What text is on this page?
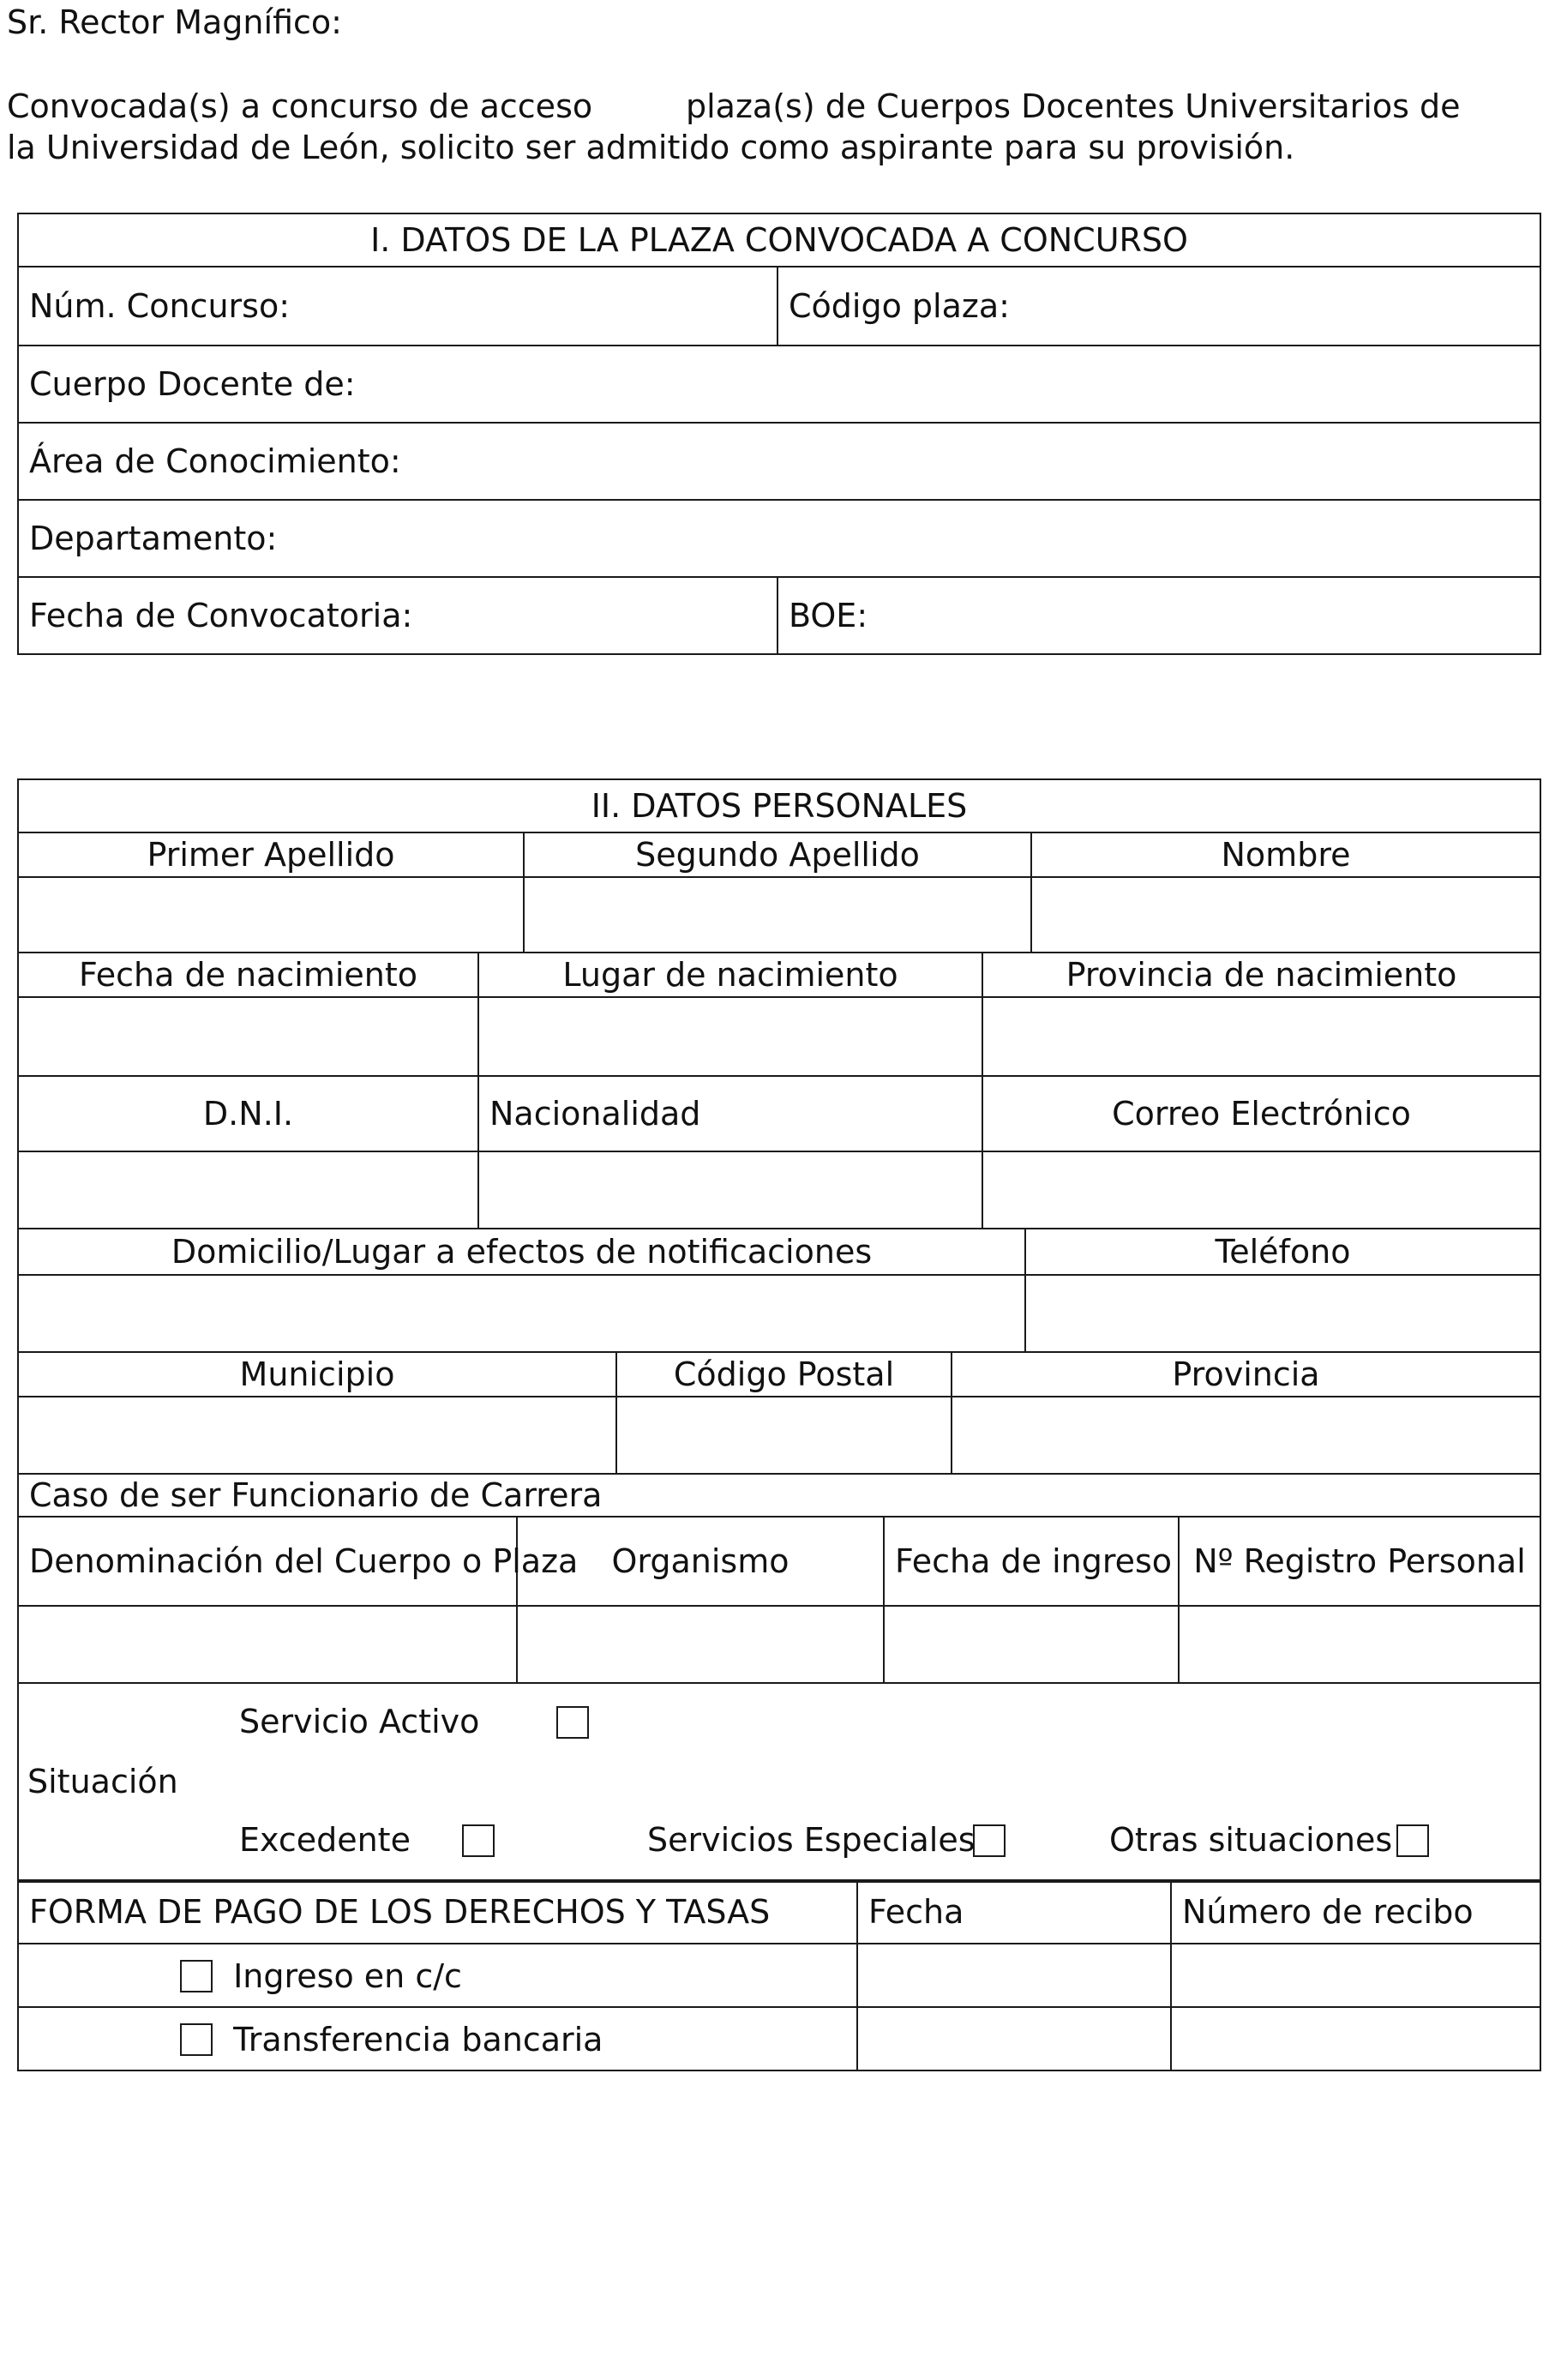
Sr. Rector Magnífico:
Convocada(s) a concurso de acceso	plaza(s) de Cuerpos Docentes Universitarios de
la Universidad de León, solicito ser admitido como aspirante para su provisión.
I. DATOS DE LA PLAZA CONVOCADA A CONCURSO	
Núm. Concurso:	Código plaza:
Cuerpo Docente de:	
Área de Conocimiento:	
Departamento:	
Fecha de Convocatoria:	BOE:
II. DATOS PERSONALES		
Primer Apellido	Segundo Apellido	Nombre

Fecha de nacimiento	Lugar de nacimiento	Provincia de nacimiento

D.N.I.	Nacionalidad	Correo Electrónico

Domicilio/Lugar a efectos de notificaciones	Teléfono

Municipio	Código Postal	Provincia

Caso de ser Funcionario de Carrera		
Denominación del Cuerpo o Plaza	Organismo	Fecha de ingreso	Nº Registro Personal

Servicio Activo
Situación
Excedente Servicios Especiales Otras situaciones			
FORMA DE PAGO DE LOS DERECHOS Y TASAS	Fecha	Número de recibo
Ingreso en c/c		
Transferencia bancaria		
